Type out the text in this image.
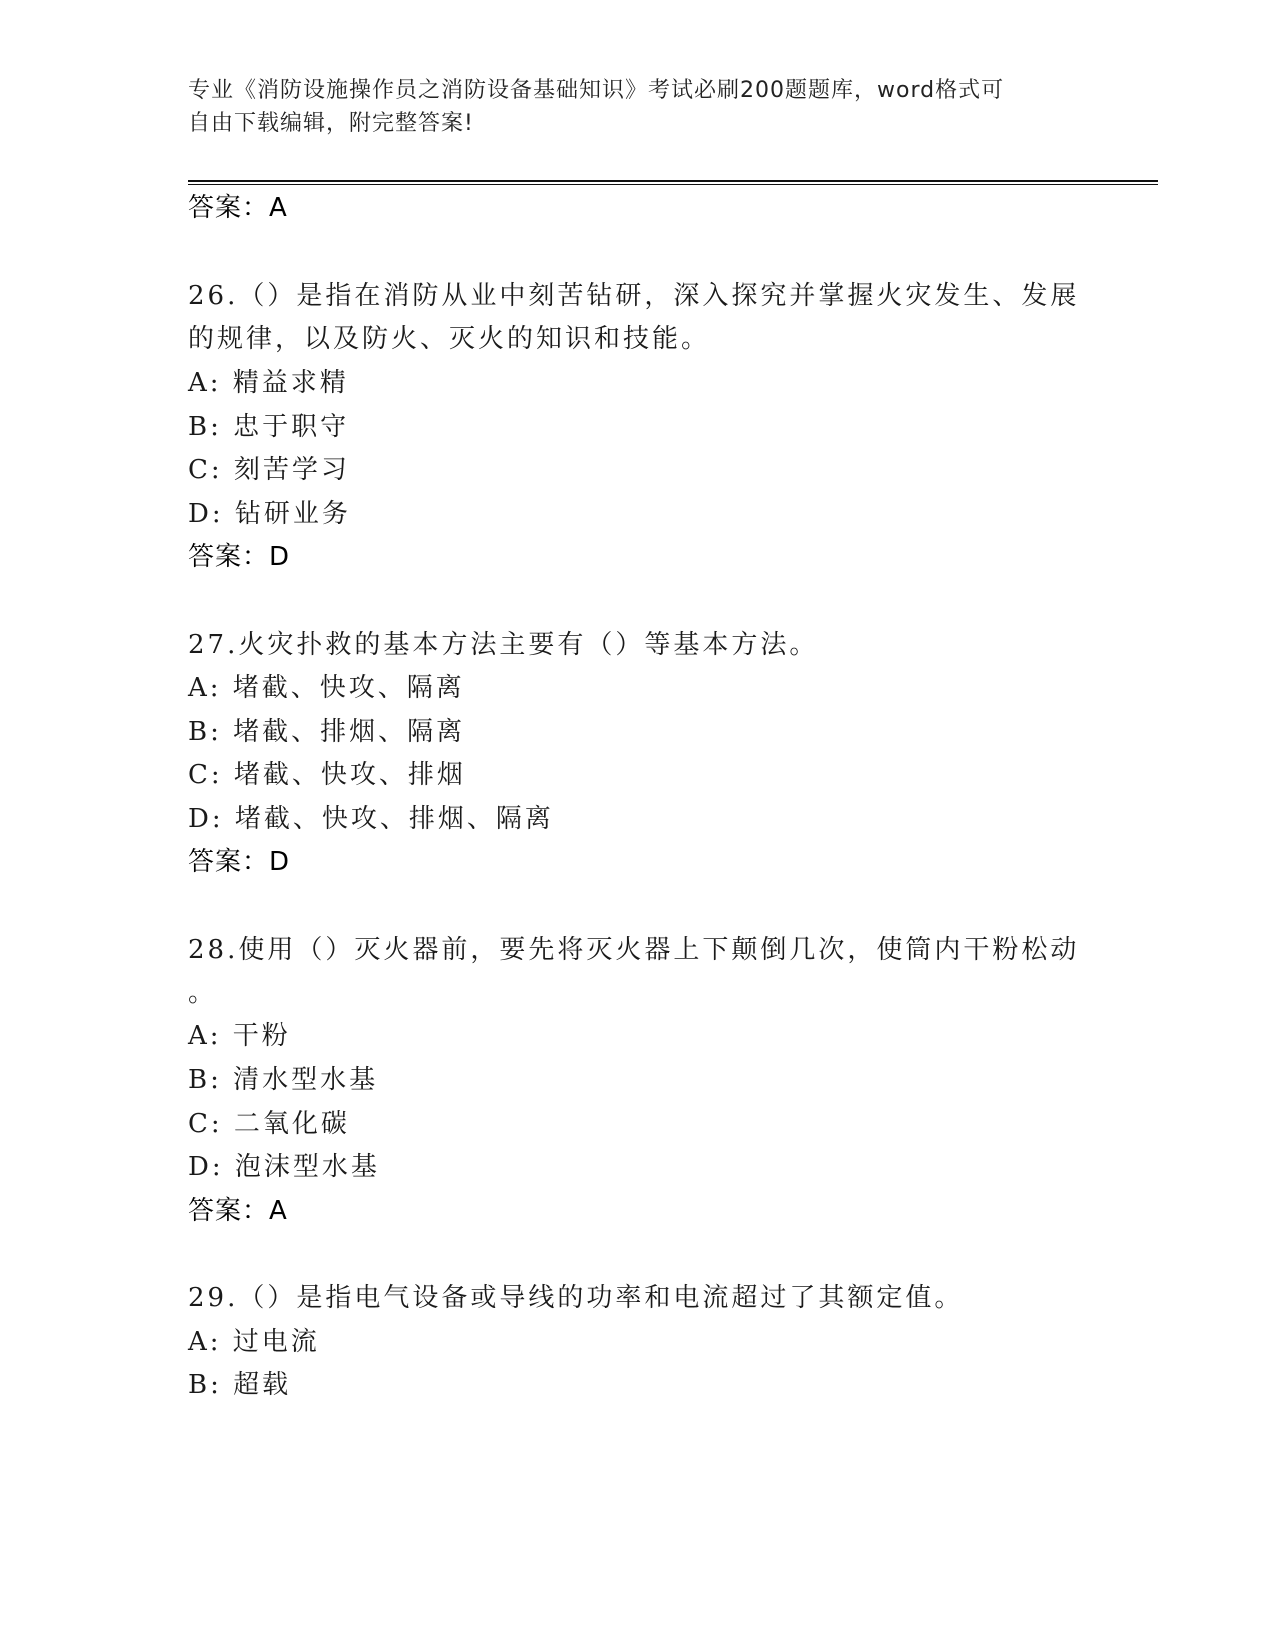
专业《消防设施操作员之消防设备基础知识》考试必刷200题题库，word格式可
自由下载编辑，附完整答案!
答案：A
26.（）是指在消防从业中刻苦钻研，深入探究并掌握火灾发生、发展
的规律，以及防火、灭火的知识和技能。
A: 精益求精
B: 忠于职守
C: 刻苦学习
D: 钻研业务
答案：D
27.火灾扑救的基本方法主要有（）等基本方法。
A: 堵截、快攻、隔离
B: 堵截、排烟、隔离
C: 堵截、快攻、排烟
D: 堵截、快攻、排烟、隔离
答案：D
28.使用（）灭火器前，要先将灭火器上下颠倒几次，使筒内干粉松动
。
A: 干粉
B: 清水型水基
C: 二氧化碳
D: 泡沫型水基
答案：A
29.（）是指电气设备或导线的功率和电流超过了其额定值。
A: 过电流
B: 超载
